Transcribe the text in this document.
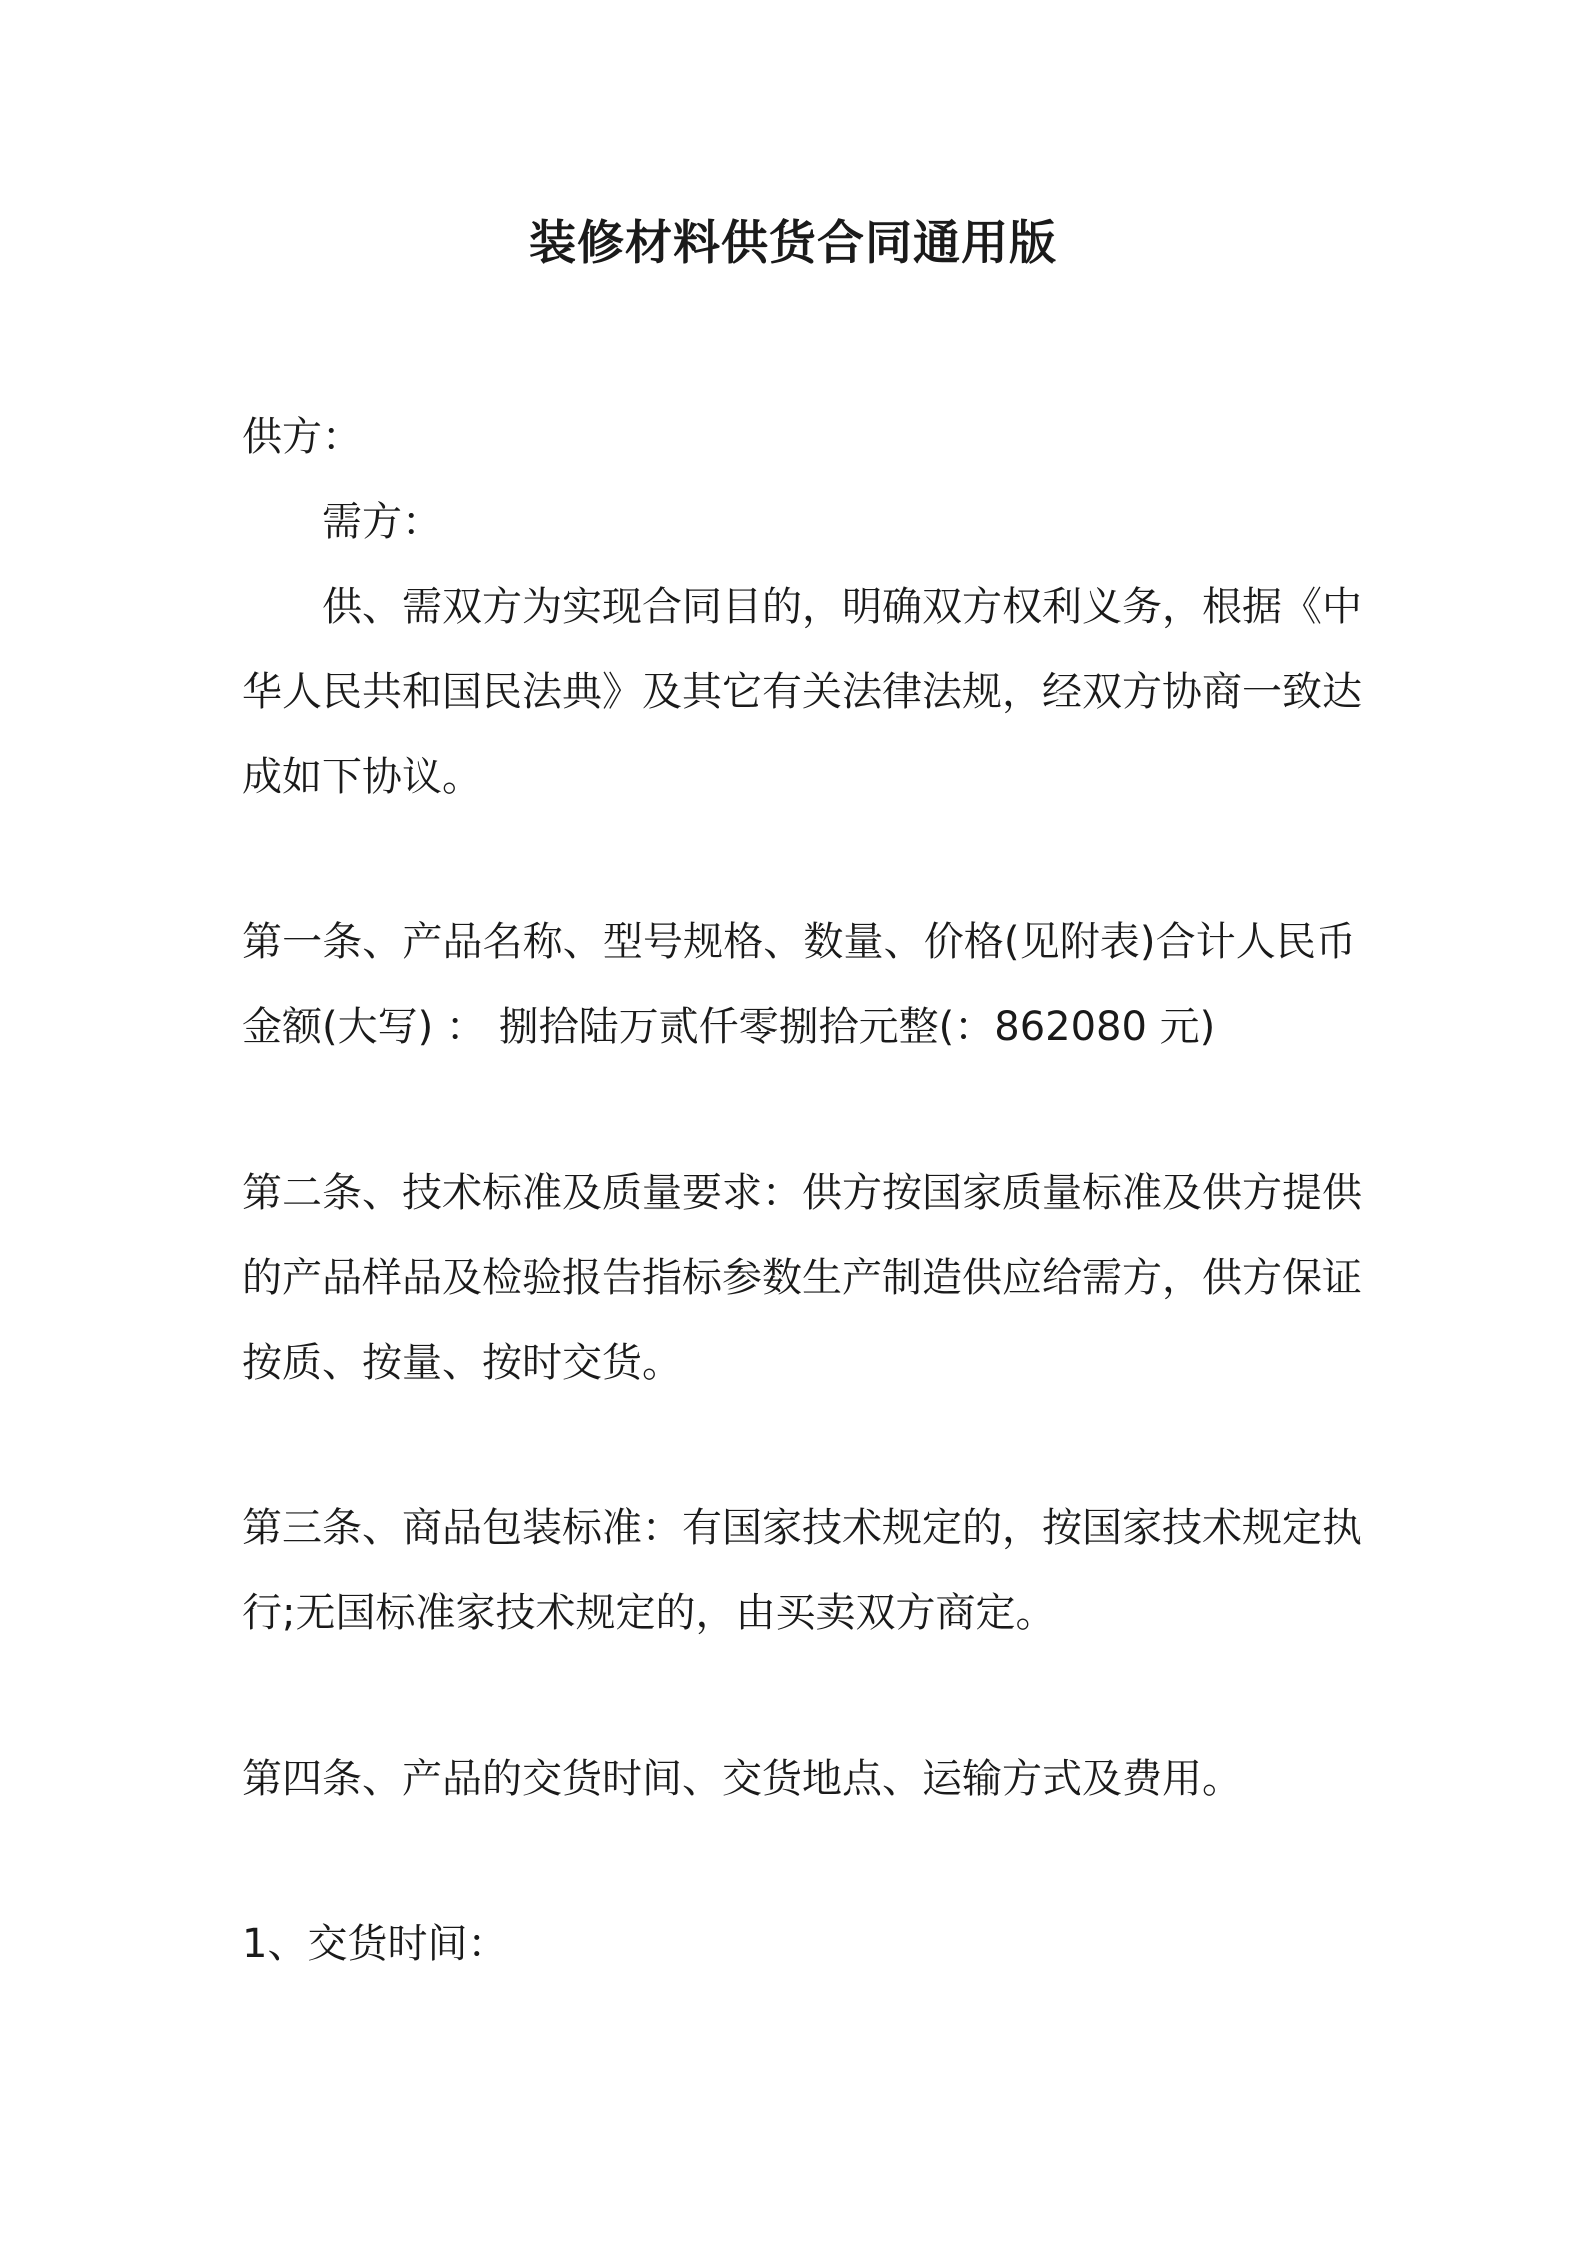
装修材料供货合同通用版

供方：

需方：

供、需双方为实现合同目的，明确双方权利义务，根据《中

华人民共和国民法典》及其它有关法律法规，经双方协商一致达

成如下协议。

第一条、产品名称、型号规格、数量、价格(见附表)合计人民币

金额(大写) ： 捌拾陆万贰仟零捌拾元整(：862080 元)

第二条、技术标准及质量要求：供方按国家质量标准及供方提供

的产品样品及检验报告指标参数生产制造供应给需方，供方保证

按质、按量、按时交货。

第三条、商品包装标准：有国家技术规定的，按国家技术规定执

行;无国标准家技术规定的，由买卖双方商定。

第四条、产品的交货时间、交货地点、运输方式及费用。

1、交货时间：
